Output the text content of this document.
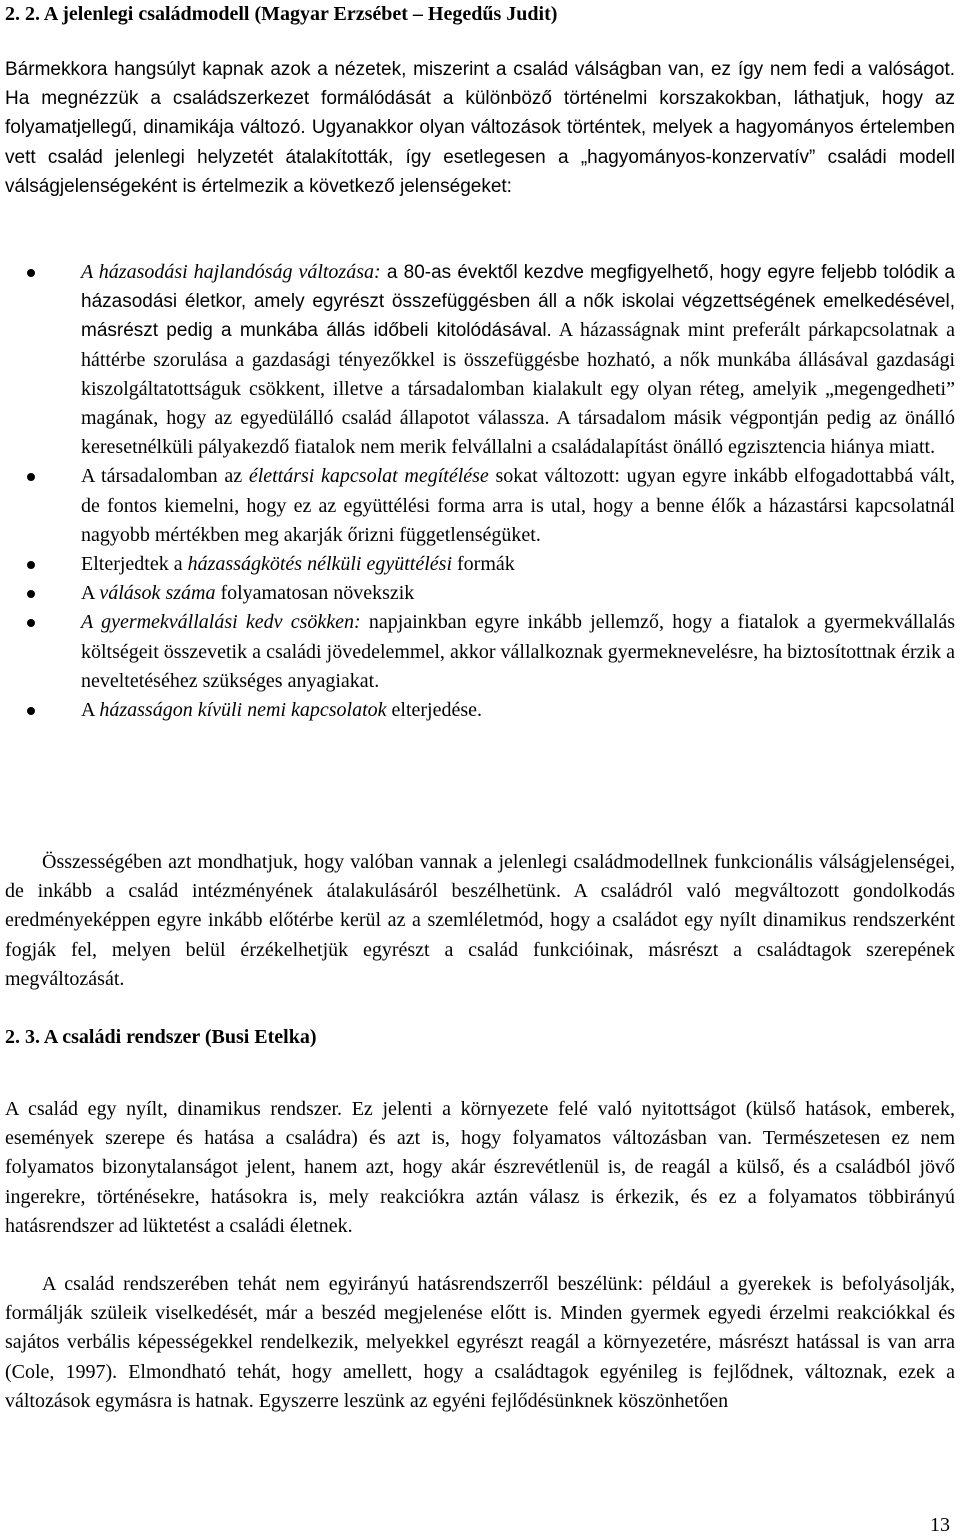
2. 2. A jelenlegi családmodell (Magyar Erzsébet – Hegedűs Judit)

Bármekkora hangsúlyt kapnak azok a nézetek, miszerint a család válságban van, ez így nem fedi a valóságot. Ha megnézzük a családszerkezet formálódását a különböző történelmi korszakokban, láthatjuk, hogy az folyamatjellegű, dinamikája változó. Ugyanakkor olyan változások történtek, melyek a hagyományos értelemben vett család jelenlegi helyzetét átalakították, így esetlegesen a „hagyományos-konzervatív” családi modell válságjelenségeként is értelmezik a következő jelenségeket:

A házasodási hajlandóság változása: a 80-as évektől kezdve megfigyelhető, hogy egyre feljebb tolódik a házasodási életkor, amely egyrészt összefüggésben áll a nők iskolai végzettségének emelkedésével, másrészt pedig a munkába állás időbeli kitolódásával. A házasságnak mint preferált párkapcsolatnak a háttérbe szorulása a gazdasági tényezőkkel is összefüggésbe hozható, a nők munkába állásával gazdasági kiszolgáltatottságuk csökkent, illetve a társadalomban kialakult egy olyan réteg, amelyik „megengedheti” magának, hogy az egyedülálló család állapotot válassza. A társadalom másik végpontján pedig az önálló keresetnélküli pályakezdő fiatalok nem merik felvállalni a családalapítást önálló egzisztencia hiánya miatt.
A társadalomban az élettársi kapcsolat megítélése sokat változott: ugyan egyre inkább elfogadottabbá vált, de fontos kiemelni, hogy ez az együttélési forma arra is utal, hogy a benne élők a házastársi kapcsolatnál nagyobb mértékben meg akarják őrizni függetlenségüket.
Elterjedtek a házasságkötés nélküli együttélési formák
A válások száma folyamatosan növekszik
A gyermekvállalási kedv csökken: napjainkban egyre inkább jellemző, hogy a fiatalok a gyermekvállalás költségeit összevetik a családi jövedelemmel, akkor vállalkoznak gyermeknevelésre, ha biztosítottnak érzik a neveltetéséhez szükséges anyagiakat.
A házasságon kívüli nemi kapcsolatok elterjedése.

Összességében azt mondhatjuk, hogy valóban vannak a jelenlegi családmodellnek funkcionális válságjelenségei, de inkább a család intézményének átalakulásáról beszélhetünk. A családról való megváltozott gondolkodás eredményeképpen egyre inkább előtérbe kerül az a szemléletmód, hogy a családot egy nyílt dinamikus rendszerként fogják fel, melyen belül érzékelhetjük egyrészt a család funkcióinak, másrészt a családtagok szerepének megváltozását.

2. 3. A családi rendszer (Busi Etelka)

A család egy nyílt, dinamikus rendszer. Ez jelenti a környezete felé való nyitottságot (külső hatások, emberek, események szerepe és hatása a családra) és azt is, hogy folyamatos változásban van. Természetesen ez nem folyamatos bizonytalanságot jelent, hanem azt, hogy akár észrevétlenül is, de reagál a külső, és a családból jövő ingerekre, történésekre, hatásokra is, mely reakciókra aztán válasz is érkezik, és ez a folyamatos többirányú hatásrendszer ad lüktetést a családi életnek.

A család rendszerében tehát nem egyirányú hatásrendszerről beszélünk: például a gyerekek is befolyásolják, formálják szüleik viselkedését, már a beszéd megjelenése előtt is. Minden gyermek egyedi érzelmi reakciókkal és sajátos verbális képességekkel rendelkezik, melyekkel egyrészt reagál a környezetére, másrészt hatással is van arra (Cole, 1997). Elmondható tehát, hogy amellett, hogy a családtagok egyénileg is fejlődnek, változnak, ezek a változások egymásra is hatnak. Egyszerre leszünk az egyéni fejlődésünknek köszönhetően

13
